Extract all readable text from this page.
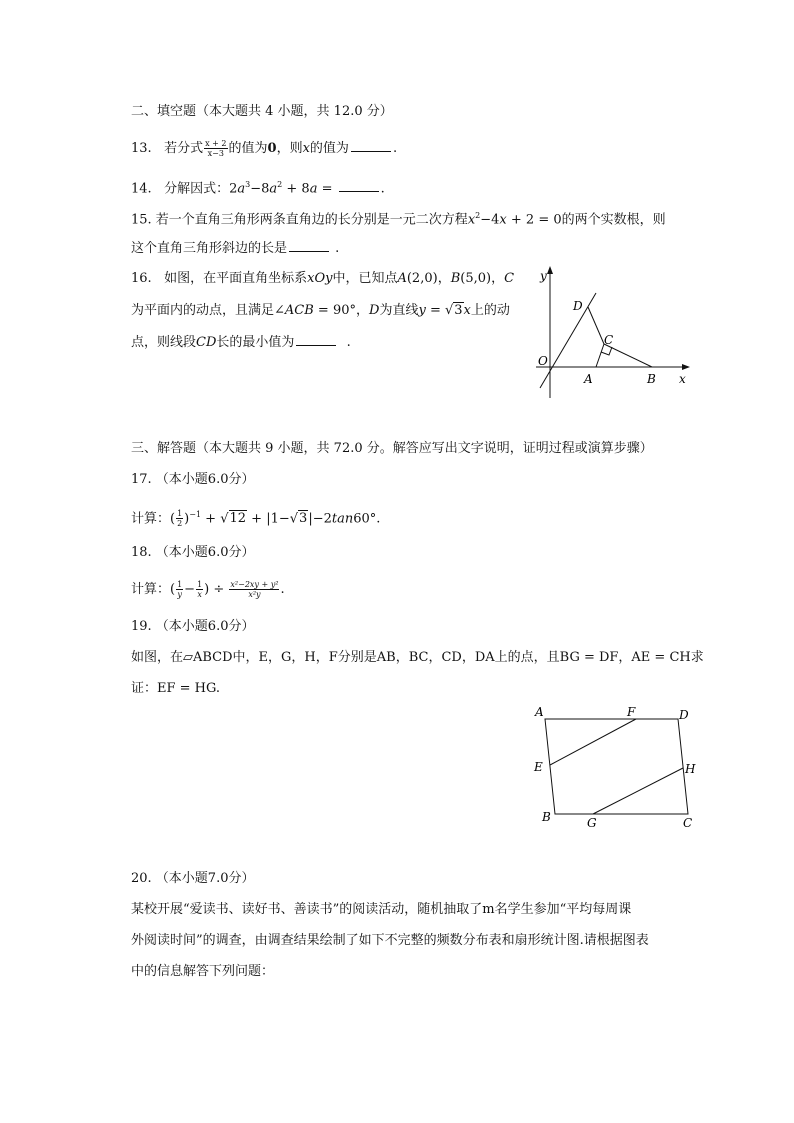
二、填空题（本大题共 4 小题，共 12.0 分）
13. 若分式 $\frac{x + 2}{x-3}$ 的值为0，则x的值为	.
14. 分解因式：$2a^3-8a^2 + 8a$ =	.
15. 若一个直角三角形两条直角边的长分别是一元二次方程$x^2-4x + 2 = 0$的两个实数根，则
这个直角三角形斜边的长是	.
16. 如图，在平面直角坐标系xOy中，已知点A(2,0)，B(5,0)，C
为平面内的动点，且满足∠ACB = 90°，D为直线y = √3x上的动
点，则线段CD长的最小值为	.
y
D
C
O
A	B x
三、解答题（本大题共 9 小题，共 72.0 分。解答应写出文字说明，证明过程或演算步骤）
17. （本小题6.0分）
计算：( $\frac{1}{2} )^{-1} + √12 + |1-√3|-2\tan 60^\circ$.
18. （本小题6.0分）
计算：( $\frac{1}{y} - \frac{1}{x}$ ) ÷ $\frac{\text{x²−2xy + y²}}{\text{x²y}}$ .
19. （本小题6.0分）
如图，在▱ABCD中，E，G，H，F分别是AB，BC，CD，DA上的点，且BG = DF，AE = CH求
证：EF = HG.
A	F	D
E	H
B	G	C
20. （本小题7.0分）
某校开展“爱读书、读好书、善读书”的阅读活动，随机抽取了m名学生参加“平均每周课
外阅读时间”的调查，由调查结果绘制了如下不完整的频数分布表和扇形统计图.请根据图表
中的信息解答下列问题：
